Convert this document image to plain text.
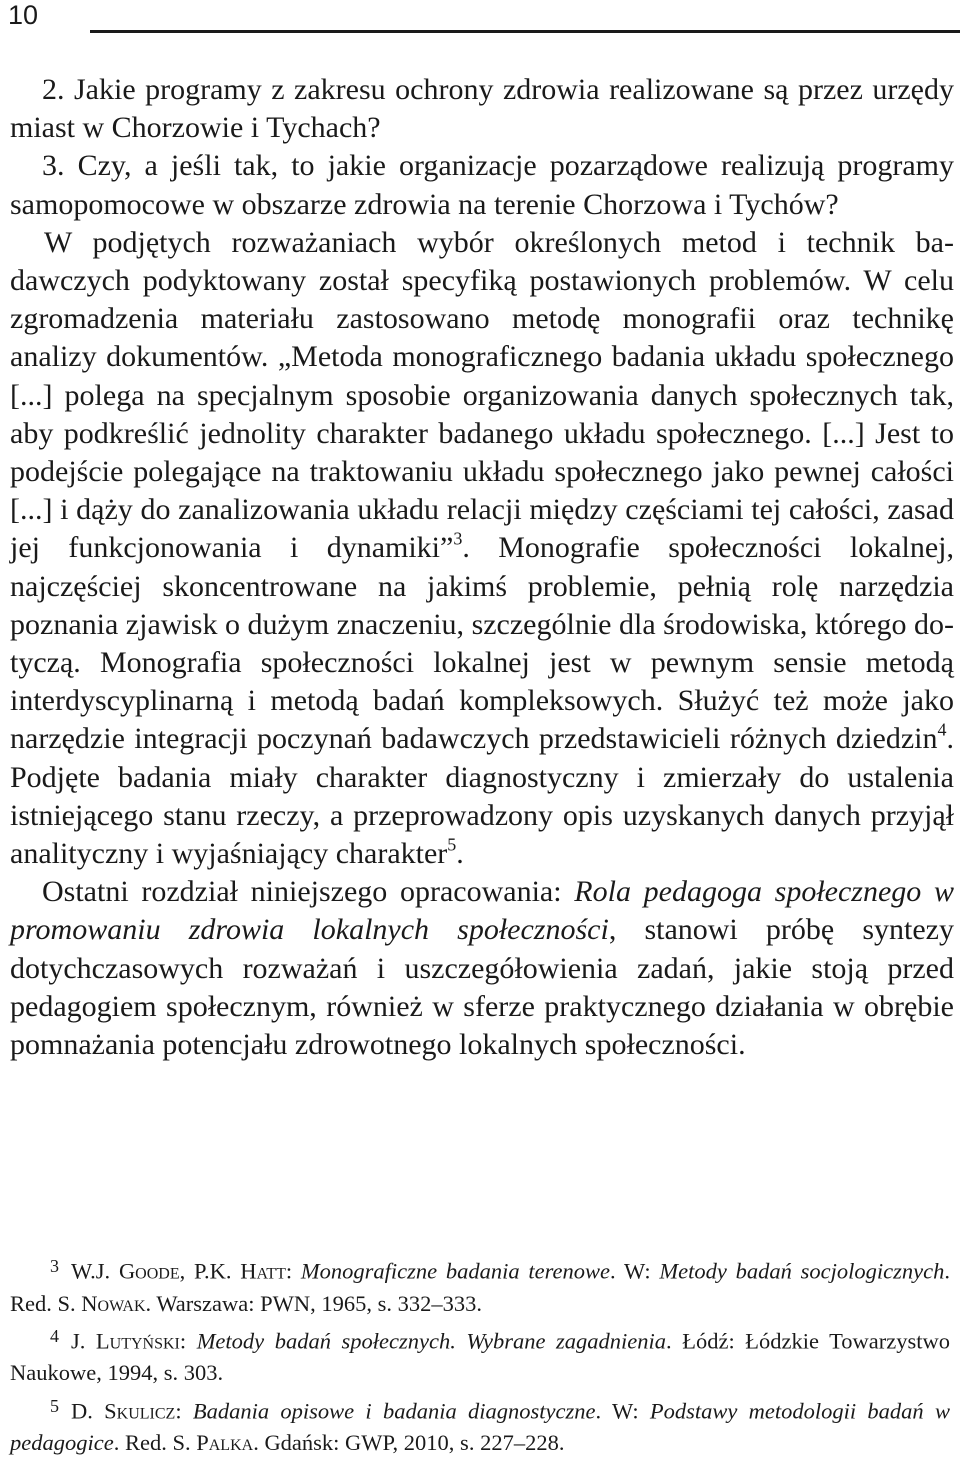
10

2. Jakie programy z zakresu ochrony zdrowia realizowane są przez urzędy miast w Chorzowie i Tychach?

3. Czy, a jeśli tak, to jakie organizacje pozarządowe realizują programy samopomocowe w obszarze zdrowia na terenie Chorzowa i Tychów?

W podjętych rozważaniach wybór określonych metod i technik badawczych podyktowany został specyfiką postawionych problemów. W celu zgromadzenia materiału zastosowano metodę monografii oraz technikę analizy dokumentów. „Metoda monograficznego badania układu społecznego [...] polega na specjalnym sposobie organizowania danych społecznych tak, aby podkreślić jednolity charakter badanego układu społecznego. [...] Jest to podejście polegające na traktowaniu układu społecznego jako pewnej całości [...] i dąży do zanalizowania układu relacji między częściami tej całości, zasad jej funkcjonowania i dynamiki”$^3$. Monografie społeczności lokalnej, najczęściej skoncentrowane na jakimś problemie, pełnią rolę narzędzia poznania zjawisk o dużym znaczeniu, szczególnie dla środowiska, którego dotyczą. Monografia społeczności lokalnej jest w pewnym sensie metodą interdyscyplinarną i metodą badań kompleksowych. Służyć też może jako narzędzie integracji poczynań badawczych przedstawicieli różnych dziedzin$^4$. Podjęte badania miały charakter diagnostyczny i zmierzały do ustalenia istniejącego stanu rzeczy, a przeprowadzony opis uzyskanych danych przyjął analityczny i wyjaśniający charakter$^5$.

Ostatni rozdział niniejszego opracowania: Rola pedagoga społecznego w promowaniu zdrowia lokalnych społeczności, stanowi próbę syntezy dotychczasowych rozważań i uszczegółowienia zadań, jakie stoją przed pedagogiem społecznym, również w sferze praktycznego działania w obrębie pomnażania potencjału zdrowotnego lokalnych społeczności.

$^3$ W.J. Goode, P.K. Hatt: Monograficzne badania terenowe. W: Metody badań socjologicznych. Red. S. Nowak. Warszawa: PWN, 1965, s. 332–333.

$^4$ J. Lutyński: Metody badań społecznych. Wybrane zagadnienia. Łódź: Łódzkie Towarzystwo Naukowe, 1994, s. 303.

$^5$ D. Skulicz: Badania opisowe i badania diagnostyczne. W: Podstawy metodologii badań w pedagogice. Red. S. Palka. Gdańsk: GWP, 2010, s. 227–228.
